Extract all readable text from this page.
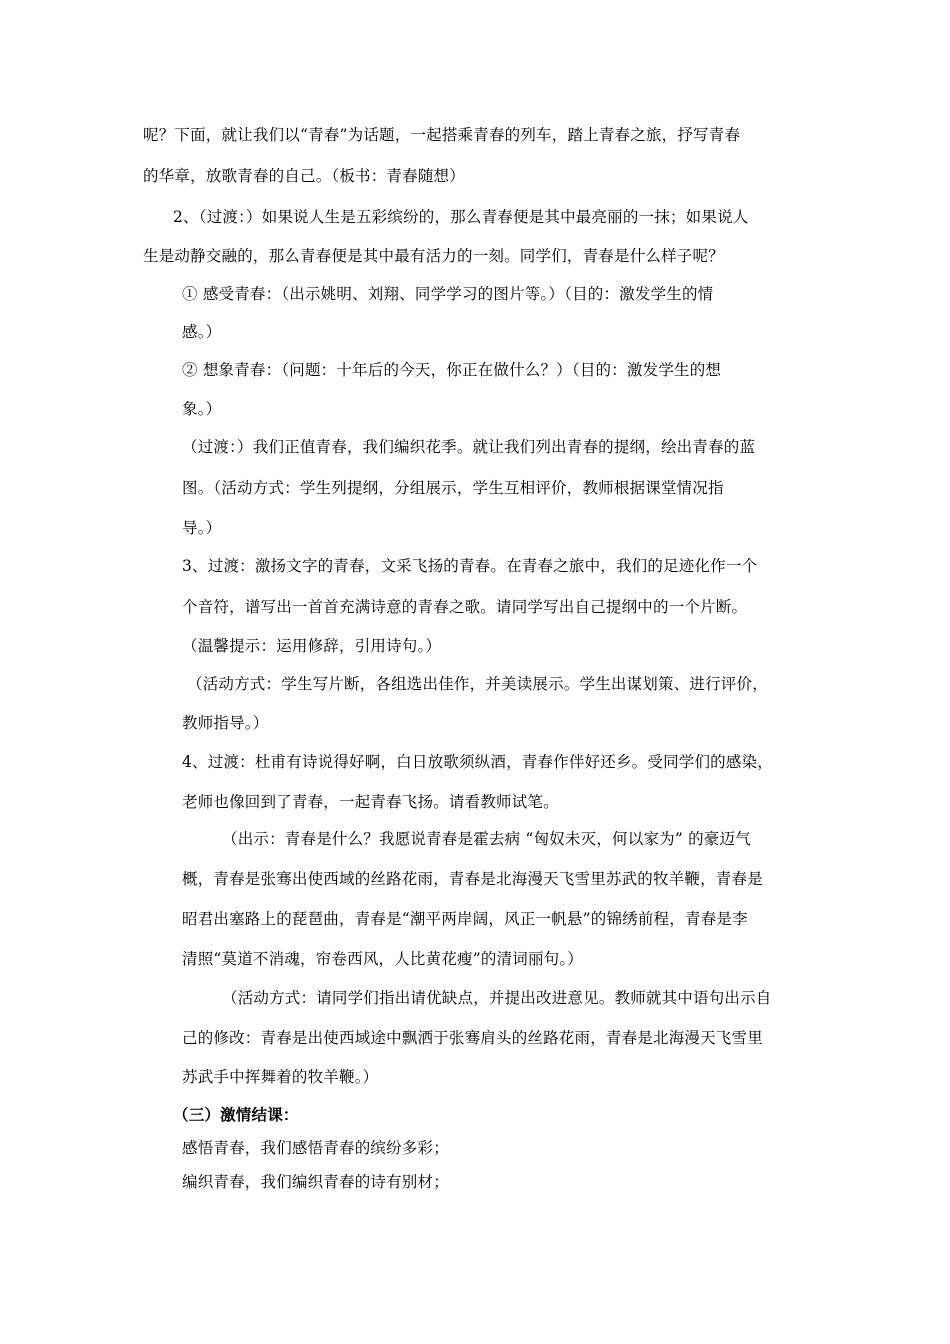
呢？下面，就让我们以“青春”为话题，一起搭乘青春的列车，踏上青春之旅，抒写青春
的华章，放歌青春的自己。（板书：青春随想）
2、（过渡：）如果说人生是五彩缤纷的，那么青春便是其中最亮丽的一抹；如果说人
生是动静交融的，那么青春便是其中最有活力的一刻。同学们，青春是什么样子呢？
① 感受青春：（出示姚明、刘翔、同学学习的图片等。）（目的：激发学生的情
感。）
② 想象青春：（问题：十年后的今天，你正在做什么？）（目的：激发学生的想
象。）
（过渡：）我们正值青春，我们编织花季。就让我们列出青春的提纲，绘出青春的蓝
图。（活动方式：学生列提纲，分组展示，学生互相评价，教师根据课堂情况指
导。）
3、过渡：激扬文字的青春，文采飞扬的青春。在青春之旅中，我们的足迹化作一个
个音符，谱写出一首首充满诗意的青春之歌。请同学写出自己提纲中的一个片断。
（温馨提示：运用修辞，引用诗句。）
（活动方式：学生写片断，各组选出佳作，并美读展示。学生出谋划策、进行评价，
教师指导。）
4、过渡：杜甫有诗说得好啊，白日放歌须纵酒，青春作伴好还乡。受同学们的感染，
老师也像回到了青春，一起青春飞扬。请看教师试笔。
（出示：青春是什么？我愿说青春是霍去病 “匈奴未灭，何以家为” 的豪迈气
概，青春是张骞出使西域的丝路花雨，青春是北海漫天飞雪里苏武的牧羊鞭，青春是
昭君出塞路上的琵琶曲，青春是“潮平两岸阔，风正一帆悬”的锦绣前程，青春是李
清照“莫道不消魂，帘卷西风，人比黄花瘦”的清词丽句。）
（活动方式：请同学们指出请优缺点，并提出改进意见。教师就其中语句出示自
己的修改：青春是出使西域途中飘洒于张骞肩头的丝路花雨，青春是北海漫天飞雪里
苏武手中挥舞着的牧羊鞭。）
（三）激情结课：
感悟青春，我们感悟青春的缤纷多彩；
编织青春，我们编织青春的诗有别材；
